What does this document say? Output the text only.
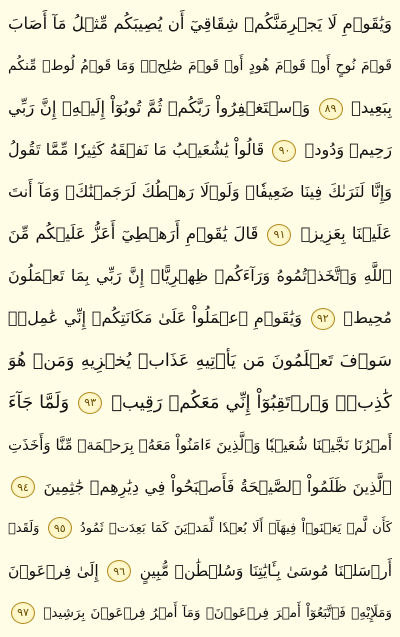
وَيَٰقَوۡمِ لَا يَجۡرِمَنَّكُمۡ شِقَاقِيٓ أَن يُصِيبَكُم مِّثۡلُ مَآ أَصَابَ
قَوۡمَ نُوحٍ أَوۡ قَوۡمَ هُودٍ أَوۡ قَوۡمَ صَٰلِحٖۚ وَمَا قَوۡمُ لُوطٖ مِّنكُم
بِبَعِيدٖ ٨٩ وَٱسۡتَغۡفِرُواْ رَبَّكُمۡ ثُمَّ تُوبُوٓاْ إِلَيۡهِۚ إِنَّ رَبِّي
رَحِيمٞ وَدُودٞ ٩٠ قَالُواْ يَٰشُعَيۡبُ مَا نَفۡقَهُ كَثِيرٗا مِّمَّا تَقُولُ
وَإِنَّا لَنَرَىٰكَ فِينَا ضَعِيفٗاۖ وَلَوۡلَا رَهۡطُكَ لَرَجَمۡنَٰكَۖ وَمَآ أَنتَ
عَلَيۡنَا بِعَزِيزٖ ٩١ قَالَ يَٰقَوۡمِ أَرَهۡطِيٓ أَعَزُّ عَلَيۡكُم مِّنَ
ٱللَّهِ وَٱتَّخَذۡتُمُوهُ وَرَآءَكُمۡ ظِهۡرِيًّاۖ إِنَّ رَبِّي بِمَا تَعۡمَلُونَ
مُحِيطٞ ٩٢ وَيَٰقَوۡمِ ٱعۡمَلُواْ عَلَىٰ مَكَانَتِكُمۡ إِنِّي عَٰمِلٞۖ
سَوۡفَ تَعۡلَمُونَ مَن يَأۡتِيهِ عَذَابٞ يُخۡزِيهِ وَمَنۡ هُوَ
كَٰذِبٞۖ وَٱرۡتَقِبُوٓاْ إِنِّي مَعَكُمۡ رَقِيبٞ ٩٣ وَلَمَّا جَآءَ
أَمۡرُنَا نَجَّيۡنَا شُعَيۡبٗا وَٱلَّذِينَ ءَامَنُواْ مَعَهُۥ بِرَحۡمَةٖ مِّنَّا وَأَخَذَتِ
ٱلَّذِينَ ظَلَمُواْ ٱلصَّيۡحَةُ فَأَصۡبَحُواْ فِي دِيَٰرِهِمۡ جَٰثِمِينَ ٩٤
كَأَن لَّمۡ يَغۡنَوۡاْ فِيهَآۗ أَلَا بُعۡدٗا لِّمَدۡيَنَ كَمَا بَعِدَتۡ ثَمُودُ ٩٥ وَلَقَدۡ
أَرۡسَلۡنَا مُوسَىٰ بِـَٔايَٰتِنَا وَسُلۡطَٰنٖ مُّبِينٍ ٩٦ إِلَىٰ فِرۡعَوۡنَ
وَمَلَإِيْهِۦ فَٱتَّبَعُوٓاْ أَمۡرَ فِرۡعَوۡنَۖ وَمَآ أَمۡرُ فِرۡعَوۡنَ بِرَشِيدٖ ٩٧
